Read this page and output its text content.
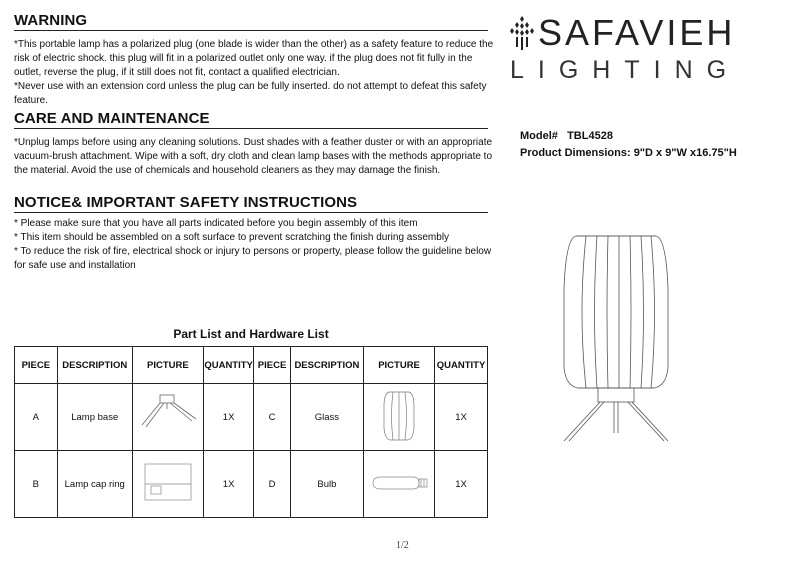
WARNING

*This portable lamp has a polarized plug (one blade is wider than the other) as a safety feature to reduce the risk of electric shock. this plug will fit in a polarized outlet only one way. if the plug does not fit fully in the outlet, reverse the plug, if it still does not fit, contact a qualified electrician.

*Never use with an extension cord unless the plug can be fully inserted. do not attempt to defeat this safety feature.

CARE AND MAINTENANCE

*Unplug lamps before using any cleaning solutions. Dust shades with a feather duster or with an appropriate vacuum-brush attachment. Wipe with a soft, dry cloth and clean lamp bases with the methods appropriate to the material. Avoid the use of chemicals and household cleaners as they may damage the finish.

NOTICE& IMPORTANT SAFETY INSTRUCTIONS

* Please make sure that you have all parts indicated before you begin assembly of this item

* This item should be assembled on a soft surface to prevent scratching the finish during assembly

* To reduce the risk of fire, electrical shock or injury to persons or property, please follow the guideline below for safe use and installation

SAFAVIEH
LIGHTING
Model# TBL4528
Product Dimensions: 9"D x 9"W x16.75"H
Part List and Hardware List
PIECE	DESCRIPTION	PICTURE	QUANTITY	PIECE	DESCRIPTION	PICTURE	QUANTITY
A	Lamp base		1X	C	Glass		1X
B	Lamp cap ring		1X	D	Bulb		1X
1/2
